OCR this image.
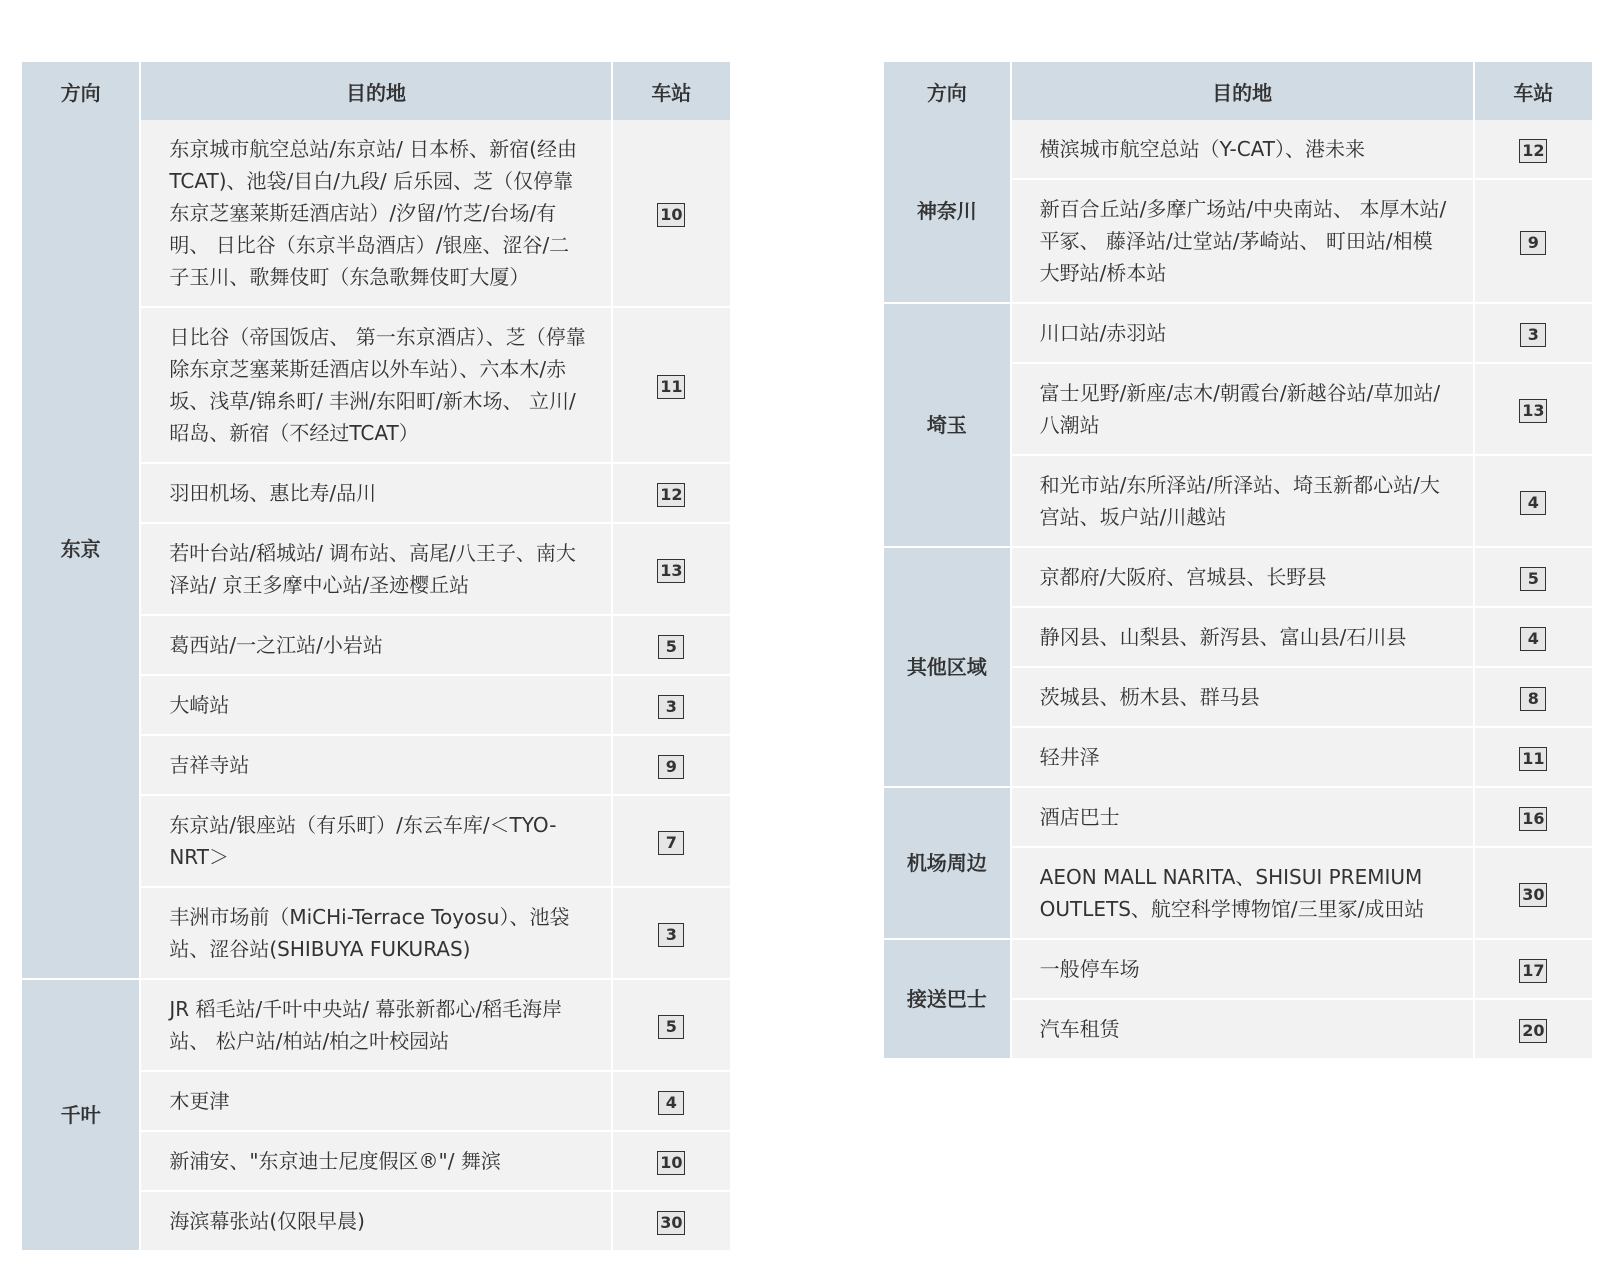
方向	目的地	车站
东京	东京城市航空总站/东京站/ 日本桥、新宿(经由TCAT)、池袋/目白/九段/ 后乐园、芝（仅停靠东京芝塞莱斯廷酒店站）/汐留/竹芝/台场/有明、 日比谷（东京半岛酒店）/银座、涩谷/二子玉川、歌舞伎町（东急歌舞伎町大厦）	10
	日比谷（帝国饭店、 第一东京酒店）、芝（停靠除东京芝塞莱斯廷酒店以外车站）、六本木/赤坂、浅草/锦糸町/ 丰洲/东阳町/新木场、 立川/昭岛、新宿（不经过TCAT）	11
	羽田机场、惠比寿/品川	12
	若叶台站/稻城站/ 调布站、高尾/八王子、南大泽站/ 京王多摩中心站/圣迹樱丘站	13
	葛西站/一之江站/小岩站	5
	大崎站	3
	吉祥寺站	9
	东京站/银座站（有乐町）/东云车库/＜TYO-NRT＞	7
	丰洲市场前（MiCHi-Terrace Toyosu）、池袋站、涩谷站(SHIBUYA FUKURAS)	3
千叶	JR 稻毛站/千叶中央站/ 幕张新都心/稻毛海岸站、 松户站/柏站/柏之叶校园站	5
	木更津	4
	新浦安、"东京迪士尼度假区®"/ 舞滨	10
	海滨幕张站(仅限早晨)	30
方向	目的地	车站
神奈川	横滨城市航空总站（Y-CAT）、港未来	12
	新百合丘站/多摩广场站/中央南站、 本厚木站/平冢、 藤泽站/辻堂站/茅崎站、 町田站/相模大野站/桥本站	9
埼玉	川口站/赤羽站	3
	富士见野/新座/志木/朝霞台/新越谷站/草加站/八潮站	13
	和光市站/东所泽站/所泽站、埼玉新都心站/大宫站、坂户站/川越站	4
其他区域	京都府/大阪府、宫城县、长野县	5
	静冈县、山梨县、新泻县、富山县/石川县	4
	茨城县、枥木县、群马县	8
	轻井泽	11
机场周边	酒店巴士	16
	AEON MALL NARITA、SHISUI PREMIUM OUTLETS、航空科学博物馆/三里冢/成田站	30
接送巴士	一般停车场	17
	汽车租赁	20
